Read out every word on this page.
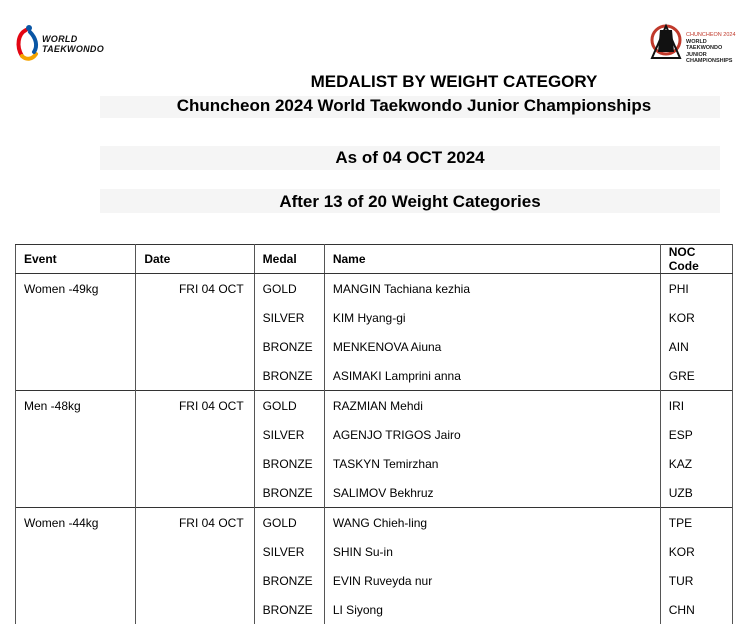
WORLD
TAEKWONDO
CHUNCHEON 2024
WORLD TAEKWONDO
JUNIOR CHAMPIONSHIPS
MEDALIST BY WEIGHT CATEGORY
Chuncheon 2024 World Taekwondo Junior Championships
As of 04 OCT 2024
After 13 of 20 Weight Categories
Event	Date	Medal	Name	NOC Code
Women -49kg	FRI 04 OCT	GOLD	MANGIN Tachiana kezhia	PHI
		SILVER	KIM Hyang-gi	KOR
		BRONZE	MENKENOVA Aiuna	AIN
		BRONZE	ASIMAKI Lamprini anna	GRE
Men -48kg	FRI 04 OCT	GOLD	RAZMIAN Mehdi	IRI
		SILVER	AGENJO TRIGOS Jairo	ESP
		BRONZE	TASKYN Temirzhan	KAZ
		BRONZE	SALIMOV Bekhruz	UZB
Women -44kg	FRI 04 OCT	GOLD	WANG Chieh-ling	TPE
		SILVER	SHIN Su-in	KOR
		BRONZE	EVIN Ruveyda nur	TUR
		BRONZE	LI Siyong	CHN
